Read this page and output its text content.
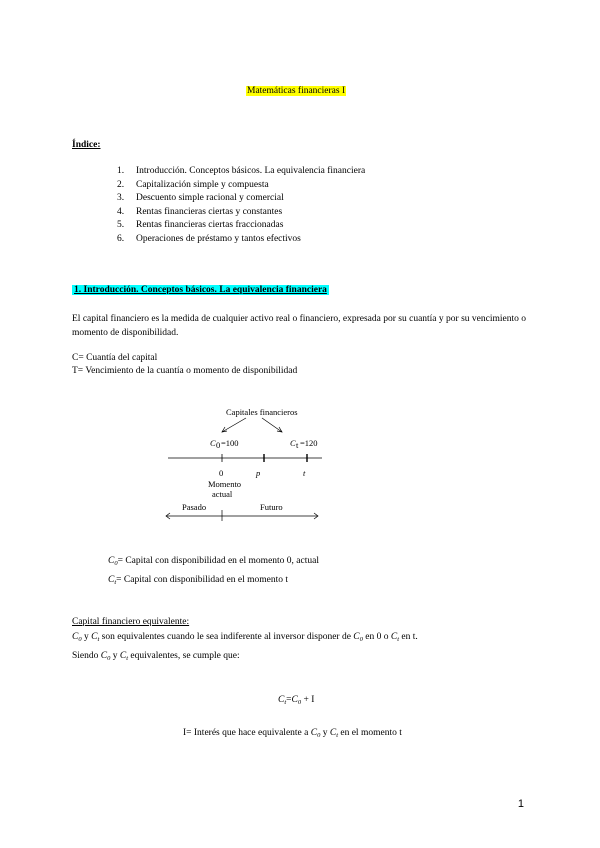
Matemáticas financieras I
Índice:
1. Introducción. Conceptos básicos. La equivalencia financiera
2. Capitalización simple y compuesta
3. Descuento simple racional y comercial
4. Rentas financieras ciertas y constantes
5. Rentas financieras ciertas fraccionadas
6. Operaciones de préstamo y tantos efectivos
1. Introducción. Conceptos básicos. La equivalencia financiera
El capital financiero es la medida de cualquier activo real o financiero, expresada por su cuantía y por su vencimiento o momento de disponibilidad.
C= Cuantía del capital
T= Vencimiento de la cuantía o momento de disponibilidad
Capitales financieros
C 0 =100	C t =120
0	p	t
Momento
actual
Pasado	Futuro
$C_0=$ Capital con disponibilidad en el momento 0, actual
$C_t=$ Capital con disponibilidad en el momento t
Capital financiero equivalente:
$C_0$ y $C_t$ son equivalentes cuando le sea indiferente al inversor disponer de $C_0$ en 0 o $C_t$ en t.
Siendo $C_0$ y $C_t$ equivalentes, se cumple que:
$C_t=C_0 + I$
I= Interés que hace equivalente a $C_0$ y $C_t$ en el momento t
1
